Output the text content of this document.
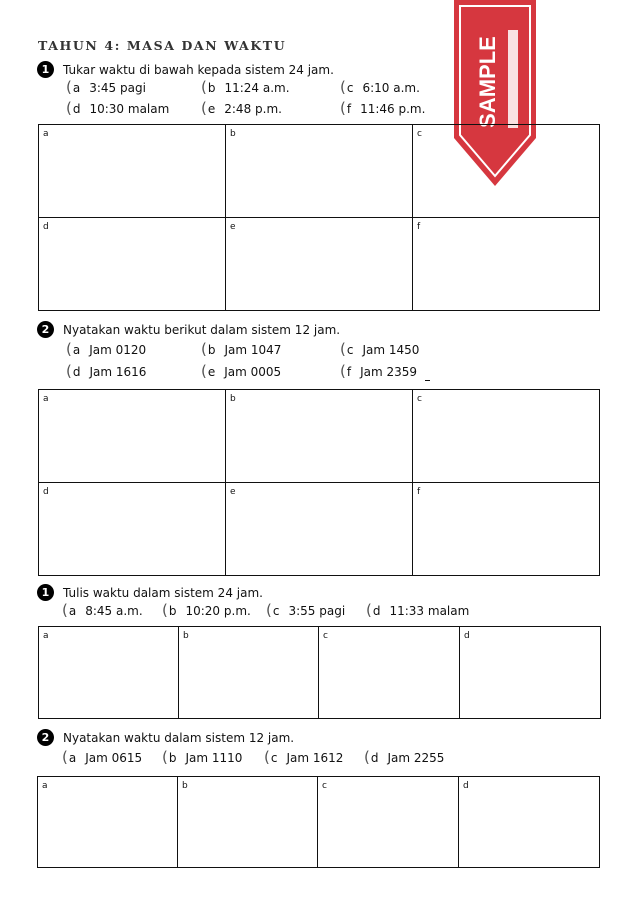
TAHUN 4: MASA DAN WAKTU	SAMPLE
1	Tukar waktu di bawah kepada sistem 24 jam.
(a 3:45 pagi	(b 11:24 a.m.	(c 6:10 a.m.
(d 10:30 malam (e 2:48 p.m.	(f 11:46 p.m.
a	b	c
d	e	f
2	Nyatakan waktu berikut dalam sistem 12 jam.
(a Jam 0120	(b Jam 1047	(c Jam 1450
(d Jam 1616	(e Jam 0005	(f Jam 2359
a	b	c
d	e	f
1	Tulis waktu dalam sistem 24 jam.
(a 8:45 a.m. (b 10:20 p.m. (c 3:55 pagi (d 11:33 malam
a	b	c	d
2	Nyatakan waktu dalam sistem 12 jam.
(a Jam 0615 (b Jam 1110 (c Jam 1612 (d Jam 2255
a	b	c	d
